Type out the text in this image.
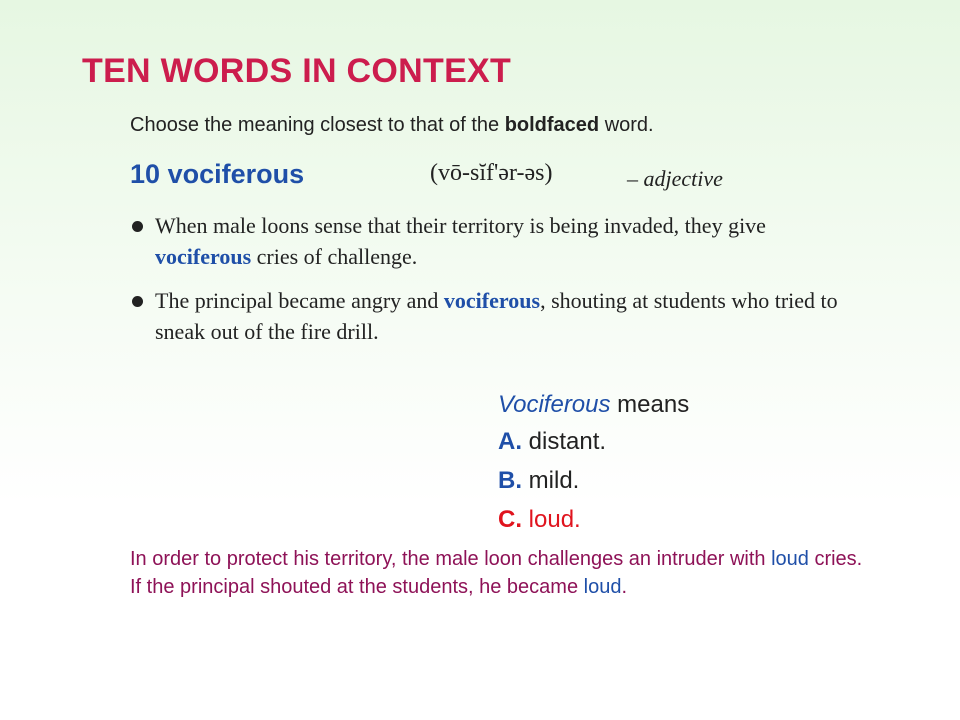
TEN WORDS IN CONTEXT
Choose the meaning closest to that of the boldfaced word.
10 vociferous	(vō-sĭf'ər-əs)	– adjective
When male loons sense that their territory is being invaded, they give vociferous cries of challenge.
The principal became angry and vociferous, shouting at students who tried to sneak out of the fire drill.
Vociferous means
A. distant.
B. mild.
C. loud.
In order to protect his territory, the male loon challenges an intruder with loud cries. If the principal shouted at the students, he became loud.
